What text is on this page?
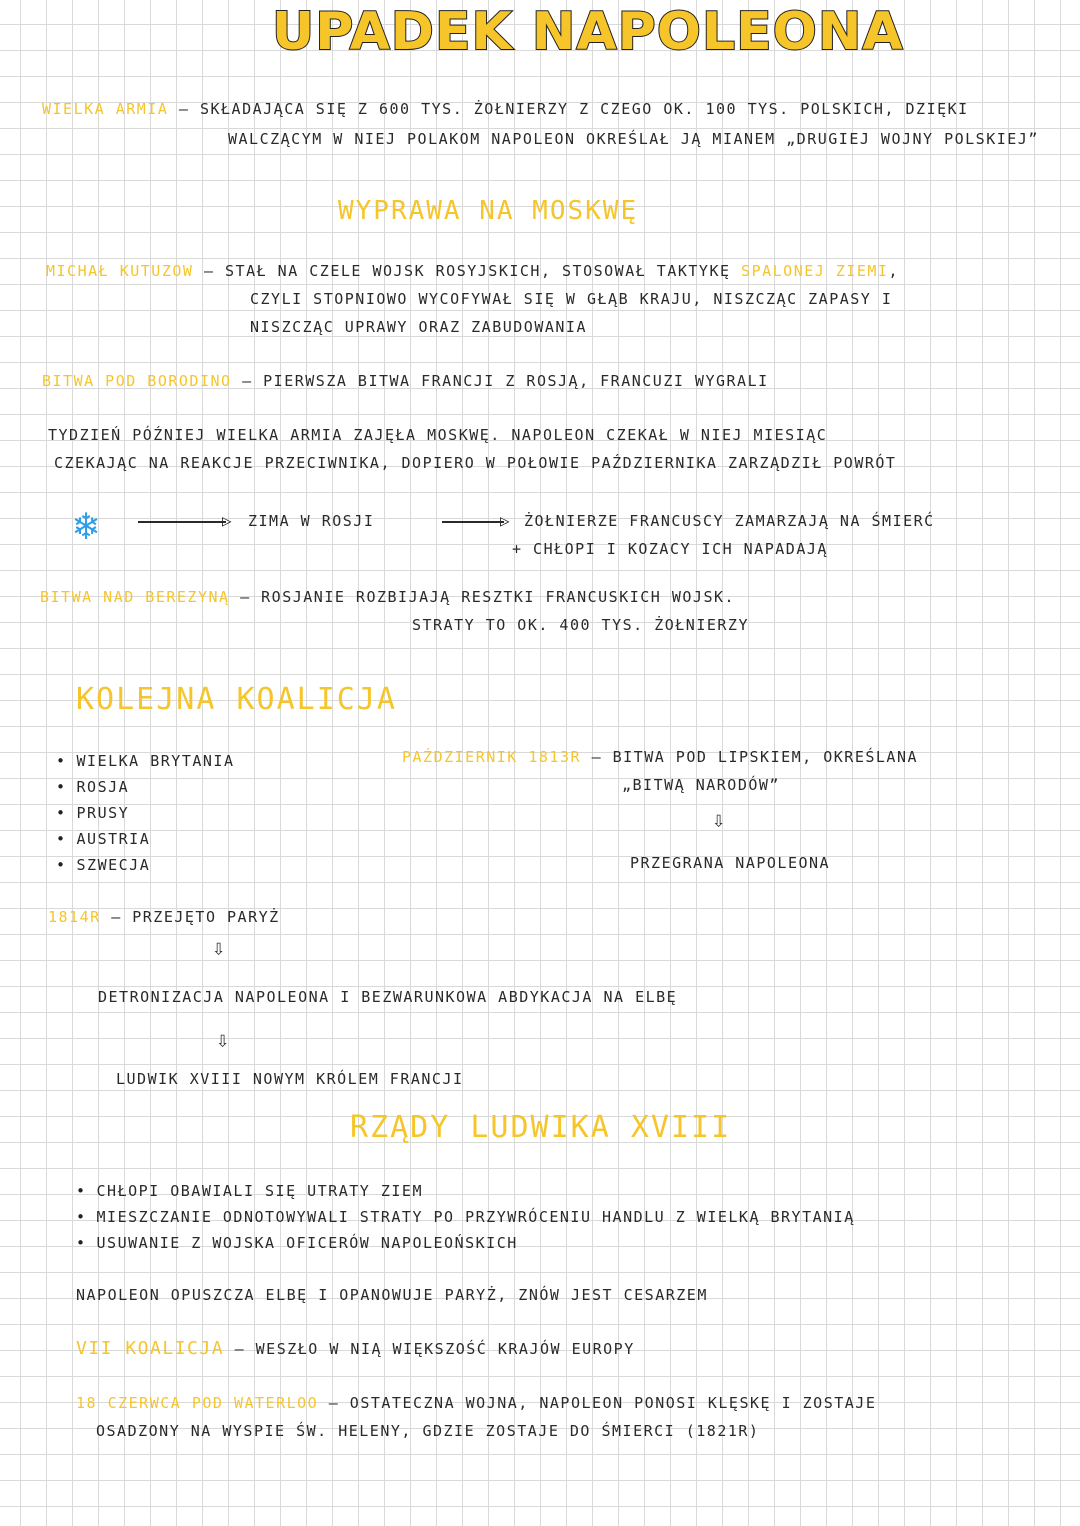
UPADEK NAPOLEONA
WIELKA ARMIA – SKŁADAJĄCA SIĘ Z 600 TYS. ŻOŁNIERZY Z CZEGO OK. 100 TYS. POLSKICH, DZIĘKI
WALCZĄCYM W NIEJ POLAKOM NAPOLEON OKREŚLAŁ JĄ MIANEM „DRUGIEJ WOJNY POLSKIEJ”
WYPRAWA NA MOSKWĘ
MICHAŁ KUTUZOW – STAŁ NA CZELE WOJSK ROSYJSKICH, STOSOWAŁ TAKTYKĘ SPALONEJ ZIEMI,
CZYLI STOPNIOWO WYCOFYWAŁ SIĘ W GŁĄB KRAJU, NISZCZĄC ZAPASY I
NISZCZĄC UPRAWY ORAZ ZABUDOWANIA
BITWA POD BORODINO – PIERWSZA BITWA FRANCJI Z ROSJĄ, FRANCUZI WYGRALI
TYDZIEŃ PÓŹNIEJ WIELKA ARMIA ZAJĘŁA MOSKWĘ. NAPOLEON CZEKAŁ W NIEJ MIESIĄC
CZEKAJĄC NA REAKCJE PRZECIWNIKA, DOPIERO W POŁOWIE PAŹDZIERNIKA ZARZĄDZIŁ POWRÓT
❄	▷ ZIMA W ROSJI	▷ ŻOŁNIERZE FRANCUSCY ZAMARZAJĄ NA ŚMIERĆ
+ CHŁOPI I KOZACY ICH NAPADAJĄ
BITWA NAD BEREZYNĄ – ROSJANIE ROZBIJAJĄ RESZTKI FRANCUSKICH WOJSK.
STRATY TO OK. 400 TYS. ŻOŁNIERZY
KOLEJNA KOALICJA
• WIELKA BRYTANIA
• ROSJA
• PRUSY
• AUSTRIA
• SZWECJA
PAŹDZIERNIK 1813R – BITWA POD LIPSKIEM, OKREŚLANA
„BITWĄ NARODÓW”
⇩
PRZEGRANA NAPOLEONA
1814R – PRZEJĘTO PARYŻ
⇩
DETRONIZACJA NAPOLEONA I BEZWARUNKOWA ABDYKACJA NA ELBĘ
⇩
LUDWIK XVIII NOWYM KRÓLEM FRANCJI
RZĄDY LUDWIKA XVIII
• CHŁOPI OBAWIALI SIĘ UTRATY ZIEM
• MIESZCZANIE ODNOTOWYWALI STRATY PO PRZYWRÓCENIU HANDLU Z WIELKĄ BRYTANIĄ
• USUWANIE Z WOJSKA OFICERÓW NAPOLEOŃSKICH
NAPOLEON OPUSZCZA ELBĘ I OPANOWUJE PARYŻ, ZNÓW JEST CESARZEM
VII KOALICJA – WESZŁO W NIĄ WIĘKSZOŚĆ KRAJÓW EUROPY
18 CZERWCA POD WATERLOO – OSTATECZNA WOJNA, NAPOLEON PONOSI KLĘSKĘ I ZOSTAJE
OSADZONY NA WYSPIE ŚW. HELENY, GDZIE ZOSTAJE DO ŚMIERCI (1821R)
